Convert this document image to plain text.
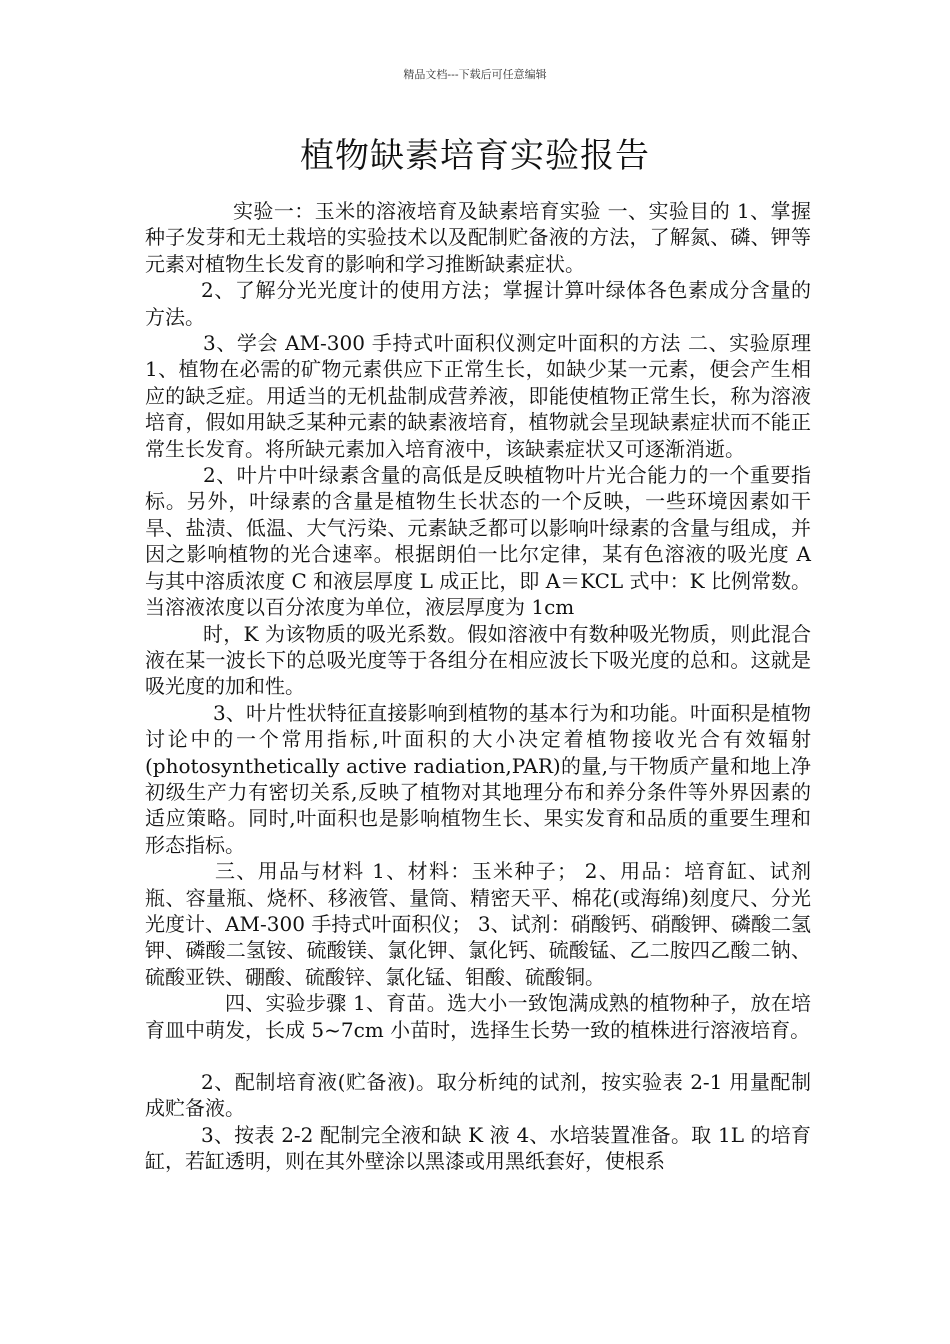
精品文档---下载后可任意编辑
植物缺素培育实验报告

实验一：玉米的溶液培育及缺素培育实验 一、实验目的 1、掌握种子发芽和无土栽培的实验技术以及配制贮备液的方法，了解氮、磷、钾等元素对植物生长发育的影响和学习推断缺素症状。

2、了解分光光度计的使用方法；掌握计算叶绿体各色素成分含量的方法。

3、学会 AM-300 手持式叶面积仪测定叶面积的方法 二、实验原理 1、植物在必需的矿物元素供应下正常生长，如缺少某一元素，便会产生相应的缺乏症。用适当的无机盐制成营养液，即能使植物正常生长，称为溶液培育，假如用缺乏某种元素的缺素液培育，植物就会呈现缺素症状而不能正常生长发育。将所缺元素加入培育液中，该缺素症状又可逐渐消逝。

2、叶片中叶绿素含量的高低是反映植物叶片光合能力的一个重要指标。另外，叶绿素的含量是植物生长状态的一个反映，一些环境因素如干旱、盐渍、低温、大气污染、元素缺乏都可以影响叶绿素的含量与组成，并因之影响植物的光合速率。根据朗伯一比尔定律，某有色溶液的吸光度 A 与其中溶质浓度 C 和液层厚度 L 成正比，即 A＝KCL 式中：K 比例常数。当溶液浓度以百分浓度为单位，液层厚度为 1cm

时，K 为该物质的吸光系数。假如溶液中有数种吸光物质，则此混合液在某一波长下的总吸光度等于各组分在相应波长下吸光度的总和。这就是吸光度的加和性。

3、叶片性状特征直接影响到植物的基本行为和功能。叶面积是植物讨论中的一个常用指标,叶面积的大小决定着植物接收光合有效辐射(photosynthetically active radiation,PAR)的量,与干物质产量和地上净初级生产力有密切关系,反映了植物对其地理分布和养分条件等外界因素的适应策略。同时,叶面积也是影响植物生长、果实发育和品质的重要生理和形态指标。

三、用品与材料 1、材料：玉米种子； 2、用品：培育缸、试剂瓶、容量瓶、烧杯、移液管、量筒、精密天平、棉花(或海绵)刻度尺、分光光度计、AM-300 手持式叶面积仪； 3、试剂：硝酸钙、硝酸钾、磷酸二氢钾、磷酸二氢铵、硫酸镁、氯化钾、氯化钙、硫酸锰、乙二胺四乙酸二钠、硫酸亚铁、硼酸、硫酸锌、氯化锰、钼酸、硫酸铜。

四、实验步骤 1、育苗。选大小一致饱满成熟的植物种子，放在培育皿中萌发，长成 5~7cm 小苗时，选择生长势一致的植株进行溶液培育。

2、配制培育液(贮备液)。取分析纯的试剂，按实验表 2-1 用量配制成贮备液。

3、按表 2-2 配制完全液和缺 K 液 4、水培装置准备。取 1L 的培育缸，若缸透明，则在其外壁涂以黑漆或用黑纸套好，使根系
